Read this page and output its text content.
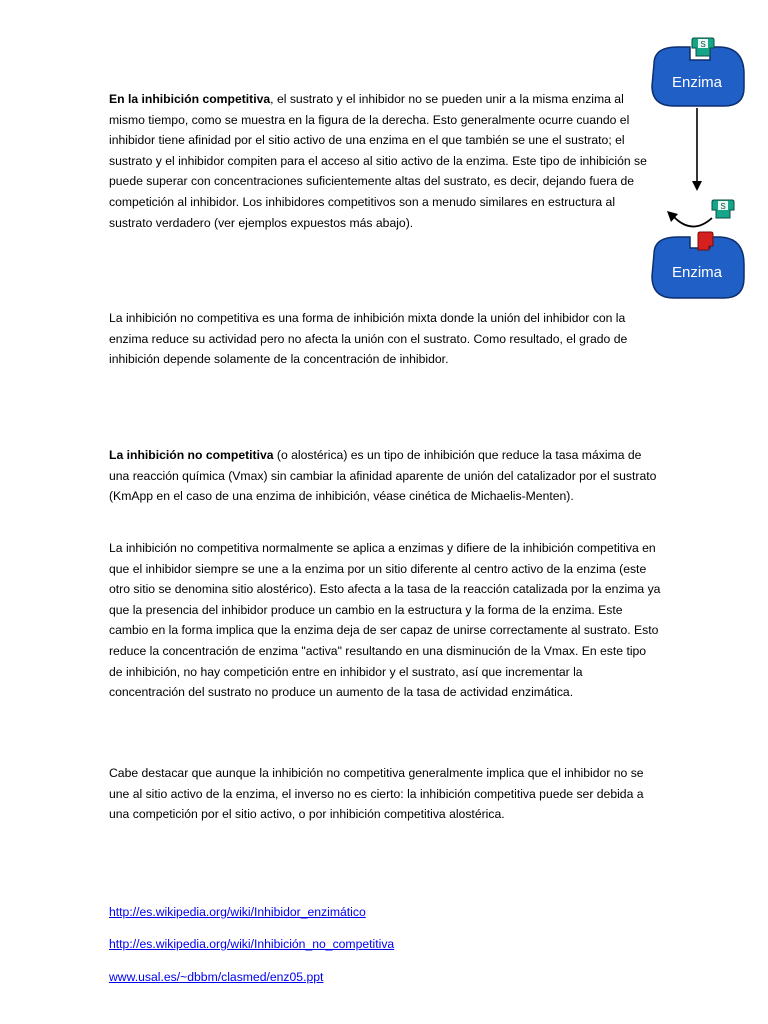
Enzima
S
S
Enzima

En la inhibición competitiva, el sustrato y el inhibidor no se pueden unir a la misma enzima al mismo tiempo, como se muestra en la figura de la derecha. Esto generalmente ocurre cuando el inhibidor tiene afinidad por el sitio activo de una enzima en el que también se une el sustrato; el sustrato y el inhibidor compiten para el acceso al sitio activo de la enzima. Este tipo de inhibición se puede superar con concentraciones suficientemente altas del sustrato, es decir, dejando fuera de competición al inhibidor. Los inhibidores competitivos son a menudo similares en estructura al sustrato verdadero (ver ejemplos expuestos más abajo).

La inhibición no competitiva es una forma de inhibición mixta donde la unión del inhibidor con la enzima reduce su actividad pero no afecta la unión con el sustrato. Como resultado, el grado de inhibición depende solamente de la concentración de inhibidor.

La inhibición no competitiva (o alostérica) es un tipo de inhibición que reduce la tasa máxima de una reacción química (Vmax) sin cambiar la afinidad aparente de unión del catalizador por el sustrato (KmApp en el caso de una enzima de inhibición, véase cinética de Michaelis-Menten).

La inhibición no competitiva normalmente se aplica a enzimas y difiere de la inhibición competitiva en que el inhibidor siempre se une a la enzima por un sitio diferente al centro activo de la enzima (este otro sitio se denomina sitio alostérico). Esto afecta a la tasa de la reacción catalizada por la enzima ya que la presencia del inhibidor produce un cambio en la estructura y la forma de la enzima. Este cambio en la forma implica que la enzima deja de ser capaz de unirse correctamente al sustrato. Esto reduce la concentración de enzima "activa" resultando en una disminución de la Vmax. En este tipo de inhibición, no hay competición entre en inhibidor y el sustrato, así que incrementar la concentración del sustrato no produce un aumento de la tasa de actividad enzimática.

Cabe destacar que aunque la inhibición no competitiva generalmente implica que el inhibidor no se une al sitio activo de la enzima, el inverso no es cierto: la inhibición competitiva puede ser debida a una competición por el sitio activo, o por inhibición competitiva alostérica.

http://es.wikipedia.org/wiki/Inhibidor_enzimático
http://es.wikipedia.org/wiki/Inhibición_no_competitiva
www.usal.es/~dbbm/clasmed/enz05.ppt
